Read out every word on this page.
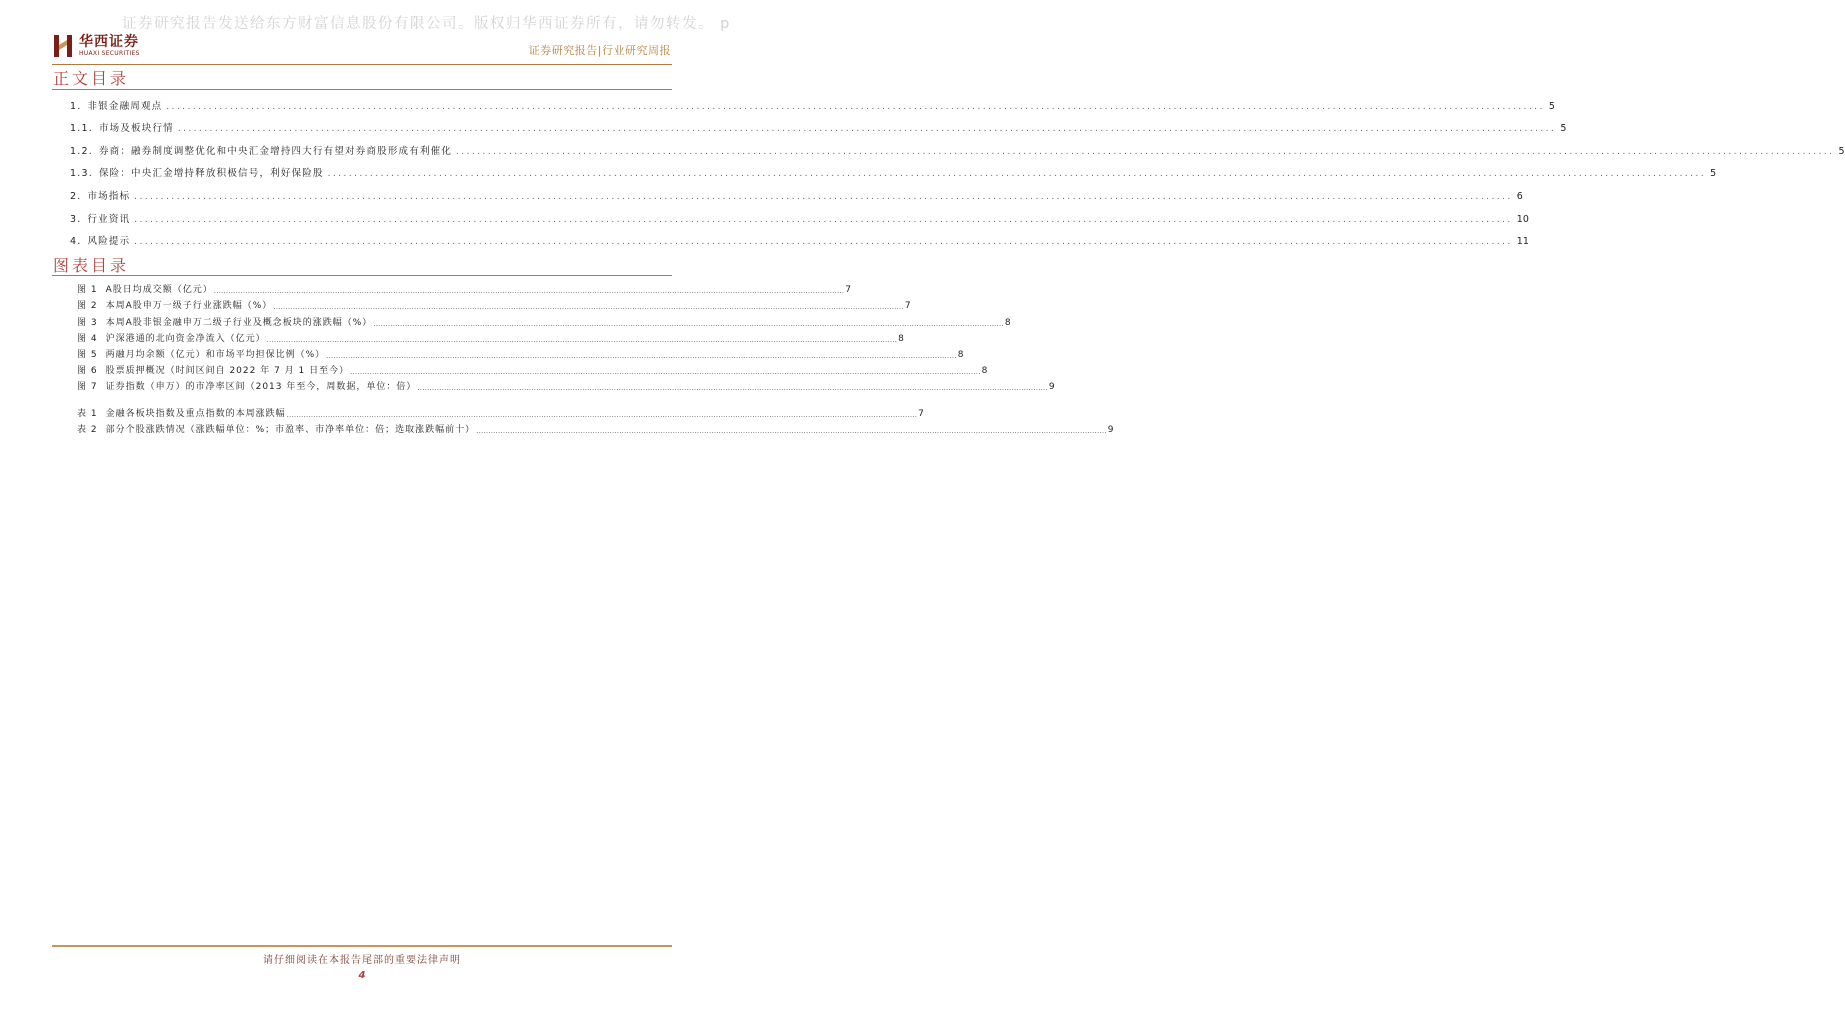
证券研究报告发送给东方财富信息股份有限公司。版权归华西证券所有，请勿转发。 p
华西证券
HUAXI SECURITIES	证券研究报告|行业研究周报
正文目录
1. 非银金融周观点 .................................................................................................................................................................................................................................................................... 5
1.1. 市场及板块行情 .................................................................................................................................................................................................................................................................... 5
1.2. 券商：融券制度调整优化和中央汇金增持四大行有望对券商股形成有利催化 .................................................................................................................................................................................................................................................................... 5
1.3. 保险：中央汇金增持释放积极信号，利好保险股 .................................................................................................................................................................................................................................................................... 5
2. 市场指标 .................................................................................................................................................................................................................................................................... 6
3. 行业资讯 .................................................................................................................................................................................................................................................................... 10
4. 风险提示 .................................................................................................................................................................................................................................................................... 11
图表目录
图 1 A股日均成交额（亿元） .................................................................................................................................................................................................................................................................... 7
图 2 本周A股申万一级子行业涨跌幅（%） .................................................................................................................................................................................................................................................................... 7
图 3 本周A股非银金融申万二级子行业及概念板块的涨跌幅（%） .................................................................................................................................................................................................................................................................... 8
图 4 沪深港通的北向资金净流入（亿元） .................................................................................................................................................................................................................................................................... 8
图 5 两融月均余额（亿元）和市场平均担保比例（%） .................................................................................................................................................................................................................................................................... 8
图 6 股票质押概况（时间区间自 2022 年 7 月 1 日至今） .................................................................................................................................................................................................................................................................... 8
图 7 证券指数（申万）的市净率区间（2013 年至今，周数据，单位：倍） .................................................................................................................................................................................................................................................................... 9
表 1 金融各板块指数及重点指数的本周涨跌幅 .................................................................................................................................................................................................................................................................... 7
表 2 部分个股涨跌情况（涨跌幅单位：%；市盈率、市净率单位：倍；选取涨跌幅前十） .................................................................................................................................................................................................................................................................... 9
请仔细阅读在本报告尾部的重要法律声明
4
